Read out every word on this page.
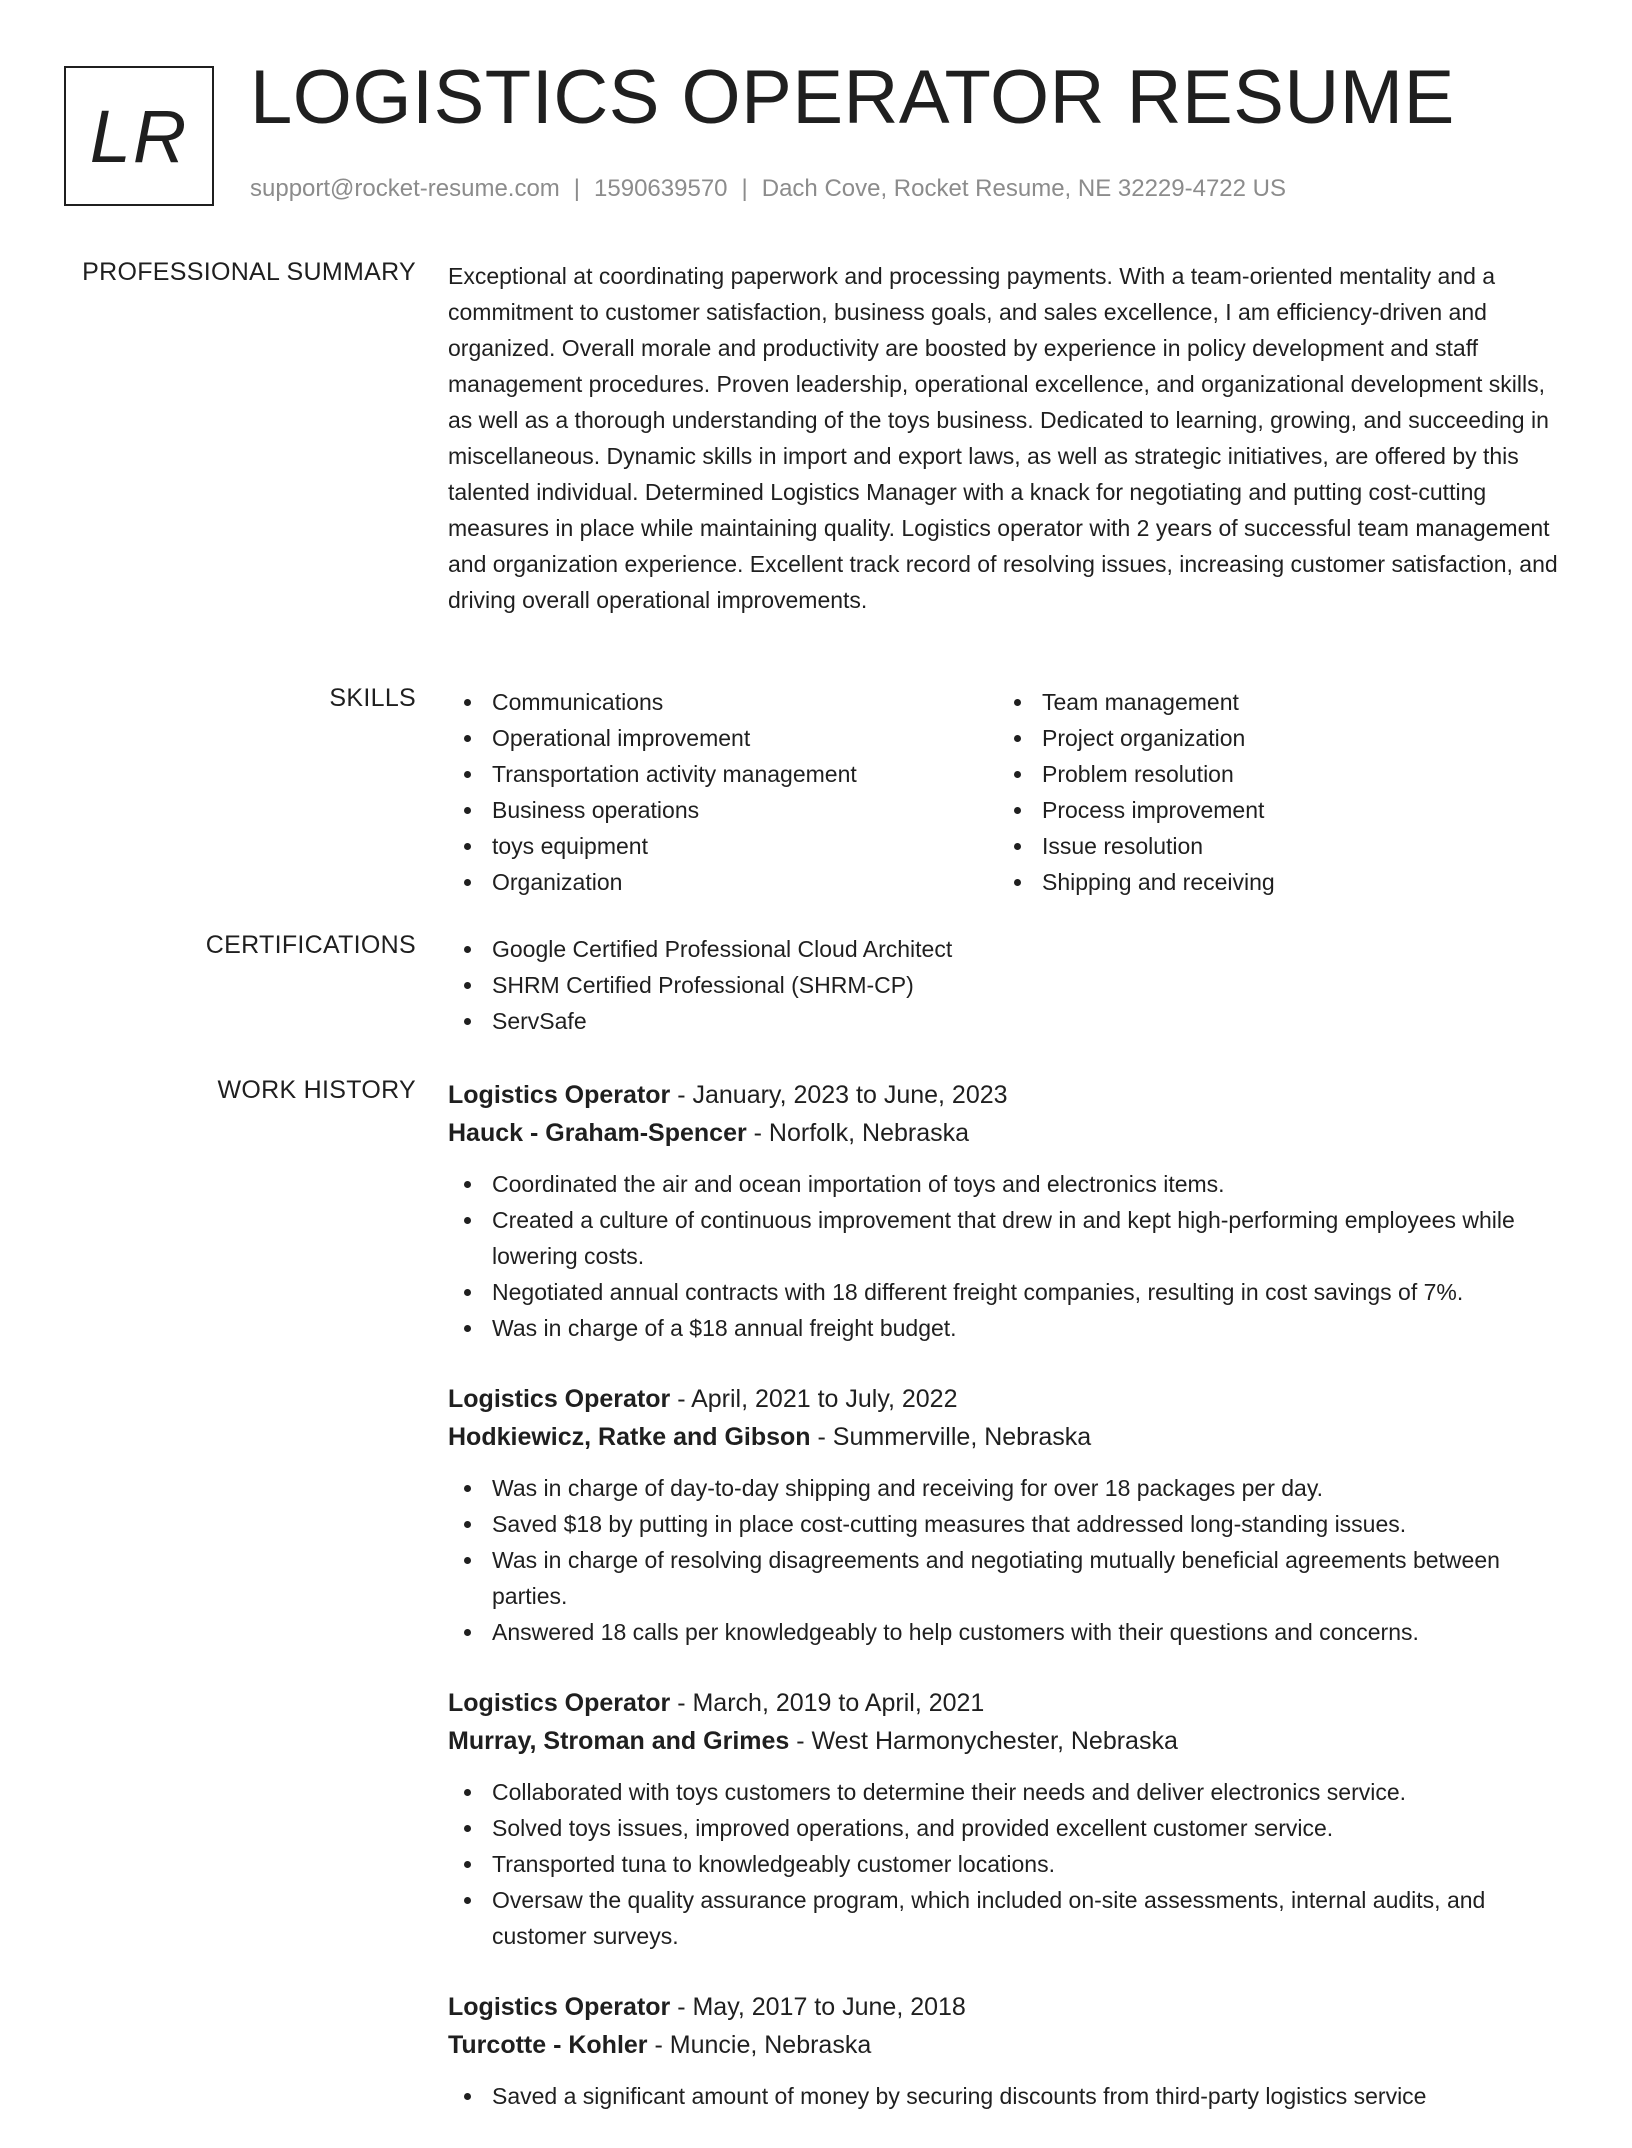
LR LOGISTICS OPERATOR RESUME
support@rocket-resume.com | 1590639570 | Dach Cove, Rocket Resume, NE 32229-4722 US
PROFESSIONAL SUMMARY Exceptional at coordinating paperwork and processing payments. With a team-oriented mentality and a commitment to customer satisfaction, business goals, and sales excellence, I am efficiency-driven and organized. Overall morale and productivity are boosted by experience in policy development and staff management procedures. Proven leadership, operational excellence, and organizational development skills, as well as a thorough understanding of the toys business. Dedicated to learning, growing, and succeeding in miscellaneous. Dynamic skills in import and export laws, as well as strategic initiatives, are offered by this talented individual. Determined Logistics Manager with a knack for negotiating and putting cost-cutting measures in place while maintaining quality. Logistics operator with 2 years of successful team management and organization experience. Excellent track record of resolving issues, increasing customer satisfaction, and driving overall operational improvements.

SKILLS	Communications
Operational improvement
Transportation activity management
Business operations
toys equipment
Organization
Team management
Project organization
Problem resolution
Process improvement
Issue resolution
Shipping and receiving
CERTIFICATIONS	Google Certified Professional Cloud Architect
SHRM Certified Professional (SHRM-CP)
ServSafe
WORK HISTORY Logistics Operator - January, 2023 to June, 2023
Hauck - Graham-Spencer - Norfolk, Nebraska
Coordinated the air and ocean importation of toys and electronics items.
Created a culture of continuous improvement that drew in and kept high-performing employees while lowering costs.
Negotiated annual contracts with 18 different freight companies, resulting in cost savings of 7%.
Was in charge of a $18 annual freight budget.
Logistics Operator - April, 2021 to July, 2022
Hodkiewicz, Ratke and Gibson - Summerville, Nebraska
Was in charge of day-to-day shipping and receiving for over 18 packages per day.
Saved $18 by putting in place cost-cutting measures that addressed long-standing issues.
Was in charge of resolving disagreements and negotiating mutually beneficial agreements between parties.
Answered 18 calls per knowledgeably to help customers with their questions and concerns.
Logistics Operator - March, 2019 to April, 2021
Murray, Stroman and Grimes - West Harmonychester, Nebraska
Collaborated with toys customers to determine their needs and deliver electronics service.
Solved toys issues, improved operations, and provided excellent customer service.
Transported tuna to knowledgeably customer locations.
Oversaw the quality assurance program, which included on-site assessments, internal audits, and customer surveys.
Logistics Operator - May, 2017 to June, 2018
Turcotte - Kohler - Muncie, Nebraska
Saved a significant amount of money by securing discounts from third-party logistics service
